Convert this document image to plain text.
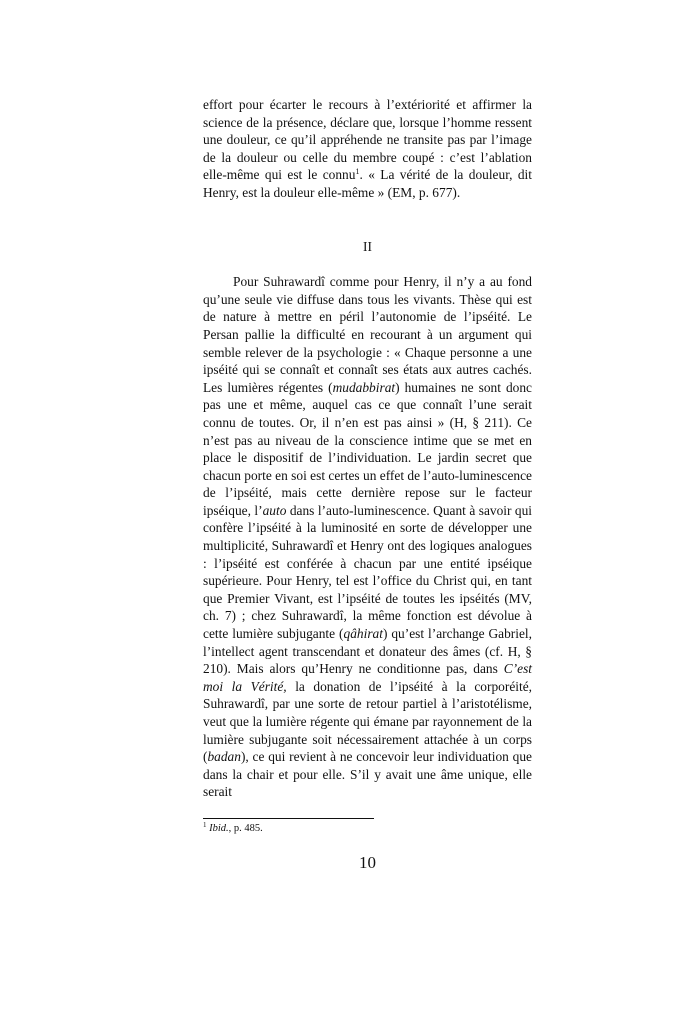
effort pour écarter le recours à l’extériorité et affirmer la science de la présence, déclare que, lorsque l’homme ressent une douleur, ce qu’il appréhende ne transite pas par l’image de la douleur ou celle du membre coupé : c’est l’ablation elle-même qui est le connu$^1$. « La vérité de la douleur, dit Henry, est la douleur elle-même » (EM, p. 677).

II

Pour Suhrawardî comme pour Henry, il n’y a au fond qu’une seule vie diffuse dans tous les vivants. Thèse qui est de nature à mettre en péril l’autonomie de l’ipséité. Le Persan pallie la difficulté en recourant à un argument qui semble relever de la psychologie : « Chaque personne a une ipséité qui se connaît et connaît ses états aux autres cachés. Les lumières régentes (mudabbirat) humaines ne sont donc pas une et même, auquel cas ce que connaît l’une serait connu de toutes. Or, il n’en est pas ainsi » (H, § 211). Ce n’est pas au niveau de la conscience intime que se met en place le dispositif de l’individuation. Le jardin secret que chacun porte en soi est certes un effet de l’auto-luminescence de l’ipséité, mais cette dernière repose sur le facteur ipséique, l’auto dans l’auto-luminescence. Quant à savoir qui confère l’ipséité à la luminosité en sorte de développer une multiplicité, Suhrawardî et Henry ont des logiques analogues : l’ipséité est conférée à chacun par une entité ipséique supérieure. Pour Henry, tel est l’office du Christ qui, en tant que Premier Vivant, est l’ipséité de toutes les ipséités (MV, ch. 7) ; chez Suhrawardî, la même fonction est dévolue à cette lumière subjugante (qâhirat) qu’est l’archange Gabriel, l’intellect agent transcendant et donateur des âmes (cf. H, § 210). Mais alors qu’Henry ne conditionne pas, dans C’est moi la Vérité, la donation de l’ipséité à la corporéité, Suhrawardî, par une sorte de retour partiel à l’aristotélisme, veut que la lumière régente qui émane par rayonnement de la lumière subjugante soit nécessairement attachée à un corps (badan), ce qui revient à ne concevoir leur individuation que dans la chair et pour elle. S’il y avait une âme unique, elle serait

$^1$ Ibid., p. 485.
10
